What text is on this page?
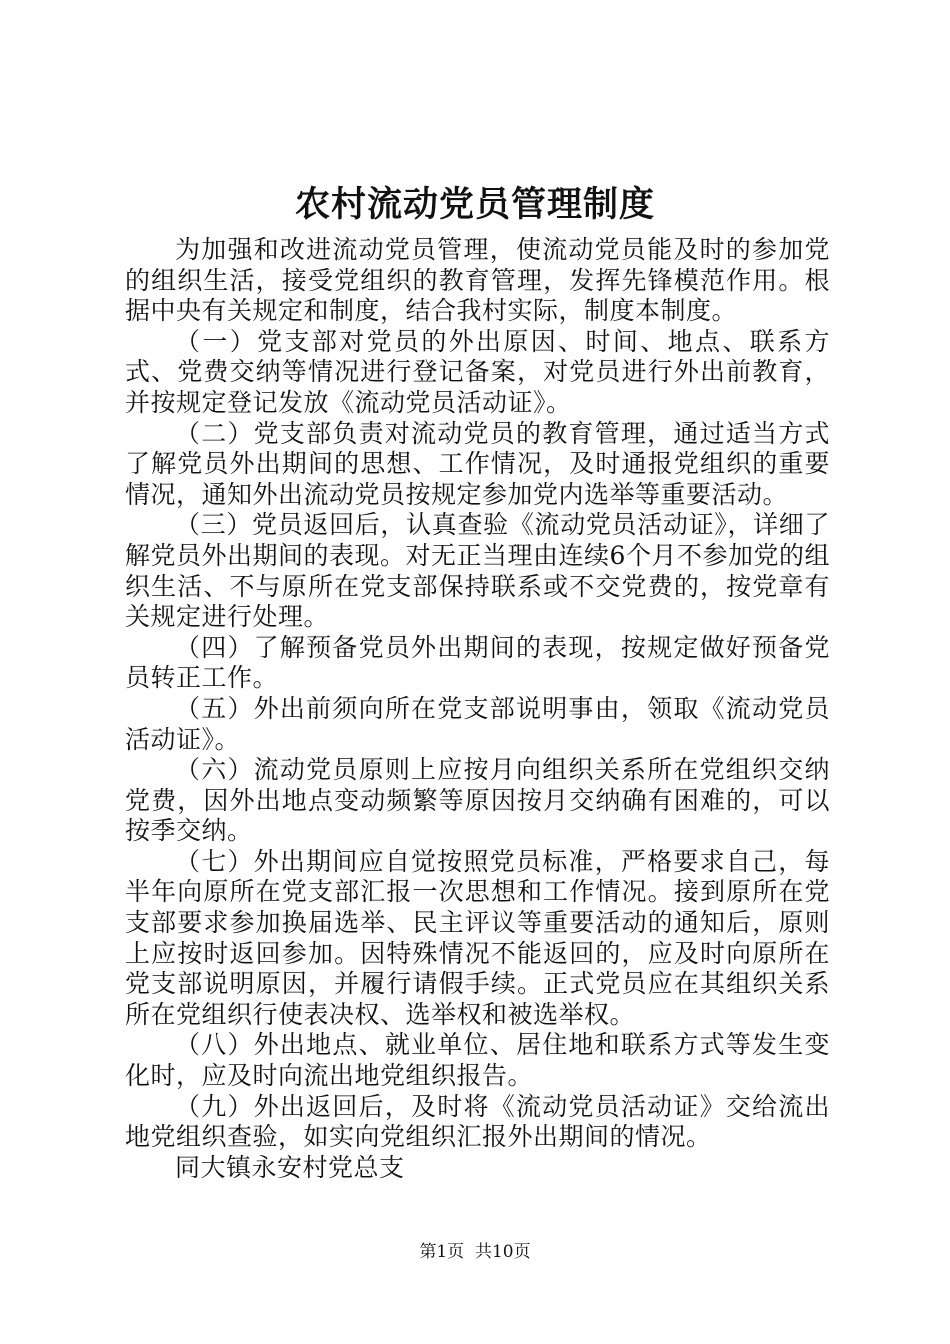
农村流动党员管理制度

为加强和改进流动党员管理，使流动党员能及时的参加党的组织生活，接受党组织的教育管理，发挥先锋模范作用。根据中央有关规定和制度，结合我村实际，制度本制度。

（一）党支部对党员的外出原因、时间、地点、联系方式、党费交纳等情况进行登记备案，对党员进行外出前教育，并按规定登记发放《流动党员活动证》。

（二）党支部负责对流动党员的教育管理，通过适当方式了解党员外出期间的思想、工作情况，及时通报党组织的重要情况，通知外出流动党员按规定参加党内选举等重要活动。

（三）党员返回后，认真查验《流动党员活动证》，详细了解党员外出期间的表现。对无正当理由连续6个月不参加党的组织生活、不与原所在党支部保持联系或不交党费的，按党章有关规定进行处理。

（四）了解预备党员外出期间的表现，按规定做好预备党员转正工作。

（五）外出前须向所在党支部说明事由，领取《流动党员活动证》。

（六）流动党员原则上应按月向组织关系所在党组织交纳党费，因外出地点变动频繁等原因按月交纳确有困难的，可以按季交纳。

（七）外出期间应自觉按照党员标准，严格要求自己，每半年向原所在党支部汇报一次思想和工作情况。接到原所在党支部要求参加换届选举、民主评议等重要活动的通知后，原则上应按时返回参加。因特殊情况不能返回的，应及时向原所在党支部说明原因，并履行请假手续。正式党员应在其组织关系所在党组织行使表决权、选举权和被选举权。

（八）外出地点、就业单位、居住地和联系方式等发生变化时，应及时向流出地党组织报告。

（九）外出返回后，及时将《流动党员活动证》交给流出地党组织查验，如实向党组织汇报外出期间的情况。

同大镇永安村党总支

第1页  共10页
